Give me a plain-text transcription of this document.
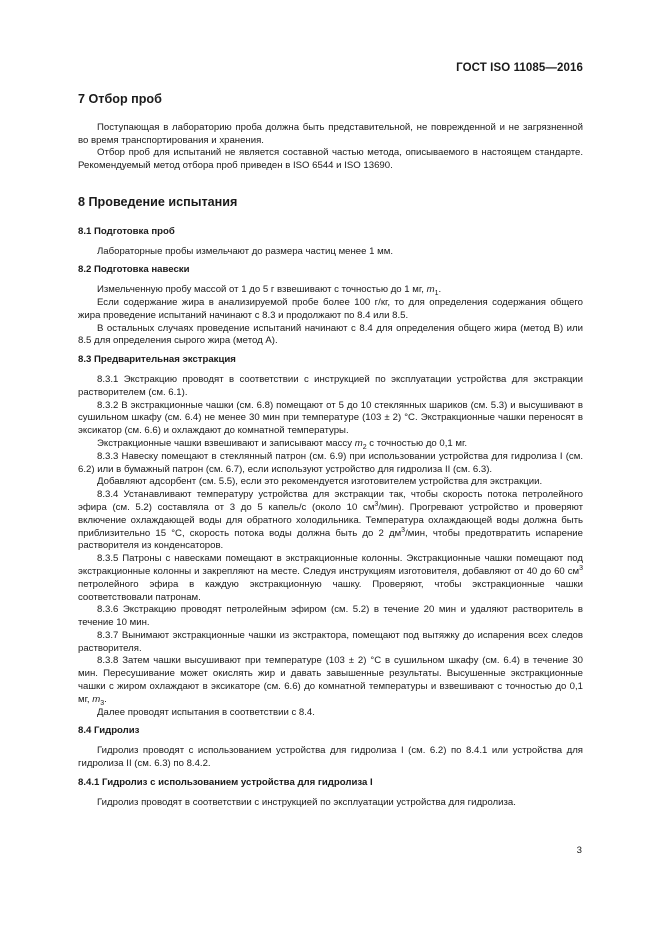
ГОСТ ISO 11085—2016
7 Отбор проб

Поступающая в лабораторию проба должна быть представительной, не поврежденной и не загрязненной во время транспортирования и хранения.

Отбор проб для испытаний не является составной частью метода, описываемого в настоящем стандарте. Рекомендуемый метод отбора проб приведен в ISO 6544 и ISO 13690.

8 Проведение испытания
8.1 Подготовка проб

Лабораторные пробы измельчают до размера частиц менее 1 мм.

8.2 Подготовка навески

Измельченную пробу массой от 1 до 5 г взвешивают с точностью до 1 мг, $m_1$.

Если содержание жира в анализируемой пробе более 100 г/кг, то для определения содержания общего жира проведение испытаний начинают с 8.3 и продолжают по 8.4 или 8.5.

В остальных случаях проведение испытаний начинают с 8.4 для определения общего жира (метод В) или 8.5 для определения сырого жира (метод А).

8.3 Предварительная экстракция

8.3.1 Экстракцию проводят в соответствии с инструкцией по эксплуатации устройства для экстракции растворителем (см. 6.1).

8.3.2 В экстракционные чашки (см. 6.8) помещают от 5 до 10 стеклянных шариков (см. 5.3) и высушивают в сушильном шкафу (см. 6.4) не менее 30 мин при температуре (103 ± 2) °С. Экстракционные чашки переносят в эксикатор (см. 6.6) и охлаждают до комнатной температуры.

Экстракционные чашки взвешивают и записывают массу $m_2$ с точностью до 0,1 мг.

8.3.3 Навеску помещают в стеклянный патрон (см. 6.9) при использовании устройства для гидролиза I (см. 6.2) или в бумажный патрон (см. 6.7), если используют устройство для гидролиза II (см. 6.3).

Добавляют адсорбент (см. 5.5), если это рекомендуется изготовителем устройства для экстракции.

8.3.4 Устанавливают температуру устройства для экстракции так, чтобы скорость потока петролейного эфира (см. 5.2) составляла от 3 до 5 капель/с (около 10 $см^3/мин$). Прогревают устройство и проверяют включение охлаждающей воды для обратного холодильника. Температура охлаждающей воды должна быть приблизительно 15 °С, скорость потока воды должна быть до 2 $дм^3$/мин, чтобы предотвратить испарение растворителя из конденсаторов.

8.3.5 Патроны с навесками помещают в экстракционные колонны. Экстракционные чашки помещают под экстракционные колонны и закрепляют на месте. Следуя инструкциям изготовителя, добавляют от 40 до 60 $см^3$ петролейного эфира в каждую экстракционную чашку. Проверяют, чтобы экстракционные чашки соответствовали патронам.

8.3.6 Экстракцию проводят петролейным эфиром (см. 5.2) в течение 20 мин и удаляют растворитель в течение 10 мин.

8.3.7 Вынимают экстракционные чашки из экстрактора, помещают под вытяжку до испарения всех следов растворителя.

8.3.8 Затем чашки высушивают при температуре (103 ± 2) °С в сушильном шкафу (см. 6.4) в течение 30 мин. Пересушивание может окислять жир и давать завышенные результаты. Высушенные экстракционные чашки с жиром охлаждают в эксикаторе (см. 6.6) до комнатной температуры и взвешивают с точностью до 0,1 мг, $m_3$.

Далее проводят испытания в соответствии с 8.4.

8.4 Гидролиз

Гидролиз проводят с использованием устройства для гидролиза I (см. 6.2) по 8.4.1 или устройства для гидролиза II (см. 6.3) по 8.4.2.

8.4.1 Гидролиз с использованием устройства для гидролиза I

Гидролиз проводят в соответствии с инструкцией по эксплуатации устройства для гидролиза.

3
